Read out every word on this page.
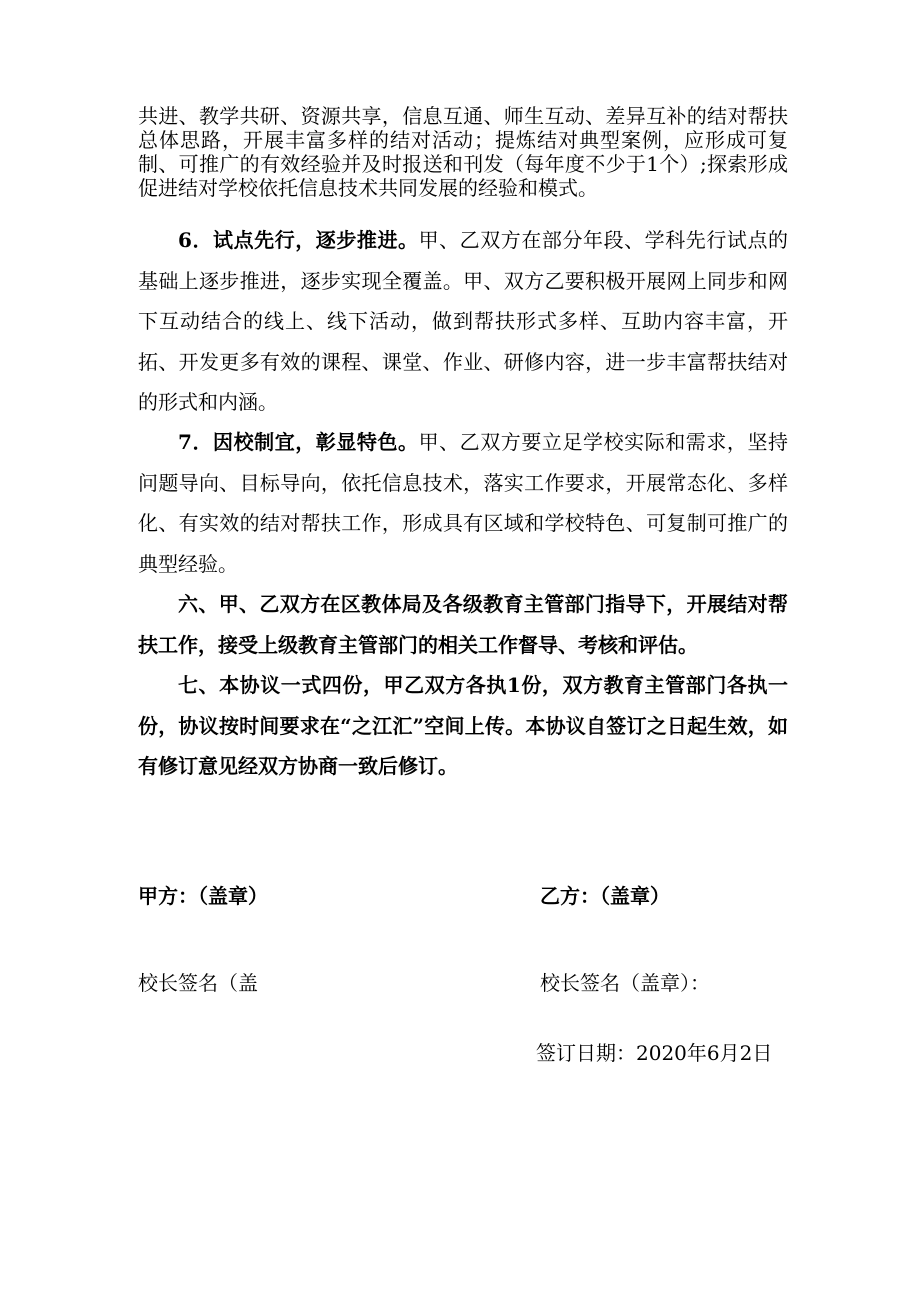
共进、教学共研、资源共享，信息互通、师生互动、差异互补的结对帮扶总体思路，开展丰富多样的结对活动；提炼结对典型案例，应形成可复制、可推广的有效经验并及时报送和刊发（每年度不少于1个）;探索形成促进结对学校依托信息技术共同发展的经验和模式。

6．试点先行，逐步推进。甲、乙双方在部分年段、学科先行试点的基础上逐步推进，逐步实现全覆盖。甲、双方乙要积极开展网上同步和网下互动结合的线上、线下活动，做到帮扶形式多样、互助内容丰富，开拓、开发更多有效的课程、课堂、作业、研修内容，进一步丰富帮扶结对的形式和内涵。

7．因校制宜，彰显特色。甲、乙双方要立足学校实际和需求，坚持问题导向、目标导向，依托信息技术，落实工作要求，开展常态化、多样化、有实效的结对帮扶工作，形成具有区域和学校特色、可复制可推广的典型经验。

六、甲、乙双方在区教体局及各级教育主管部门指导下，开展结对帮扶工作，接受上级教育主管部门的相关工作督导、考核和评估。

七、本协议一式四份，甲乙双方各执1份，双方教育主管部门各执一份，协议按时间要求在“之江汇”空间上传。本协议自签订之日起生效，如有修订意见经双方协商一致后修订。

甲方：（盖章）	乙方：（盖章）

校长签名（盖	校长签名（盖章）：

签订日期：2020年6月2日
